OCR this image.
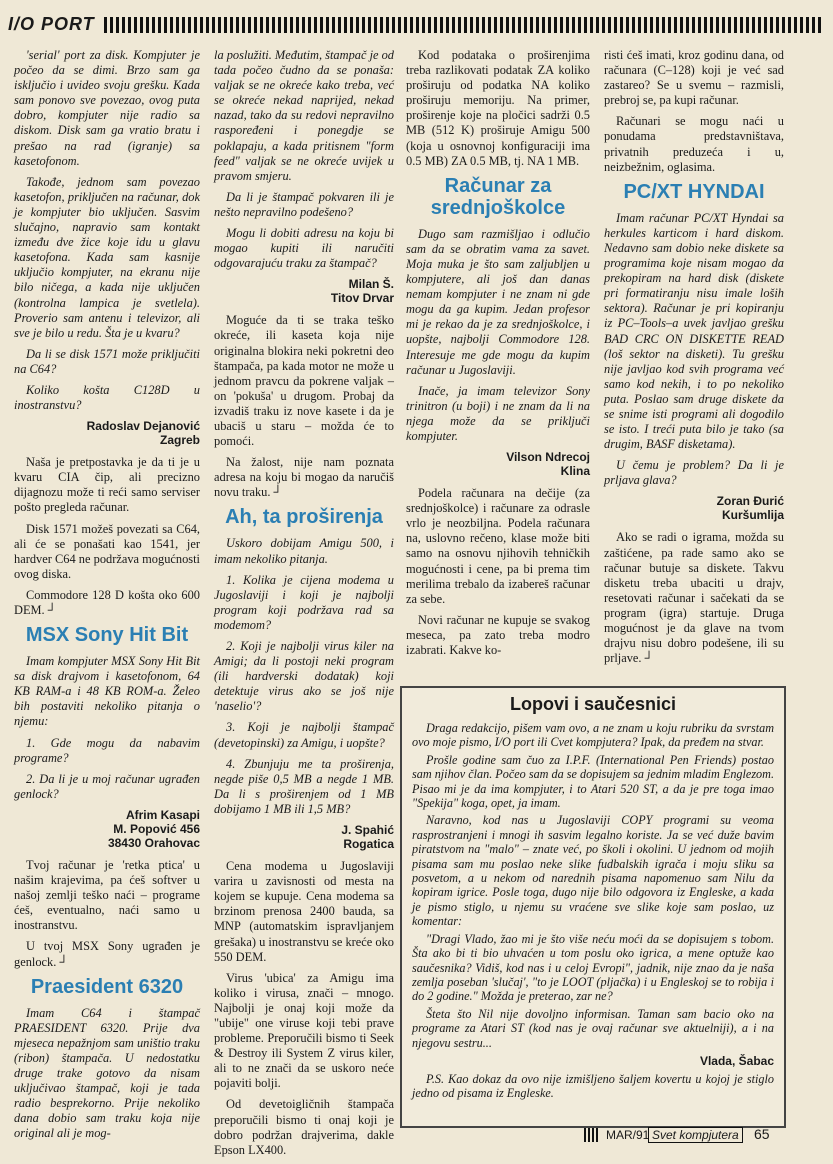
I/O PORT

'serial' port za disk. Kompjuter je počeo da se dimi. Brzo sam ga isključio i uvideo svoju grešku. Kada sam ponovo sve povezao, ovog puta dobro, kompjuter nije radio sa diskom. Disk sam ga vratio bratu i prešao na rad (igranje) sa kasetofonom.

Takođe, jednom sam povezao kasetofon, priključen na računar, dok je kompjuter bio uključen. Sasvim slučajno, napravio sam kontakt između dve žice koje idu u glavu kasetofona. Kada sam kasnije uključio kompjuter, na ekranu nije bilo ničega, a kada nije uključen (kontrolna lampica je svetlela). Proverio sam antenu i televizor, ali sve je bilo u redu. Šta je u kvaru?

Da li se disk 1571 može priključiti na C64?

Koliko košta C128D u inostranstvu?

Radoslav Dejanović
Zagreb

Naša je pretpostavka je da ti je u kvaru CIA čip, ali precizno dijagnozu može ti reći samo serviser pošto pregleda računar.

Disk 1571 možeš povezati sa C64, ali će se ponašati kao 1541, jer hardver C64 ne podržava mogućnosti ovog diska.

Commodore 128 D košta oko 600 DEM. ┘

MSX Sony Hit Bit

Imam kompjuter MSX Sony Hit Bit sa disk drajvom i kasetofonom, 64 KB RAM-a i 48 KB ROM-a. Želeo bih postaviti nekoliko pitanja o njemu:

1. Gde mogu da nabavim programe?

2. Da li je u moj računar ugrađen genlock?

Afrim Kasapi
M. Popović 456
38430 Orahovac

Tvoj računar je 'retka ptica' u našim krajevima, pa ćeš softver u našoj zemlji teško naći – programe ćeš, eventualno, naći samo u inostranstvu.

U tvoj MSX Sony ugrađen je genlock. ┘

Praesident 6320

Imam C64 i štampač PRAESIDENT 6320. Prije dva mjeseca nepažnjom sam uništio traku (ribon) štampača. U nedostatku druge trake gotovo da nisam uključivao štampač, koji je tada radio besprekorno. Prije nekoliko dana dobio sam traku koja nije original ali je mog-

la poslužiti. Međutim, štampač je od tada počeo čudno da se ponaša: valjak se ne okreće kako treba, već se okreće nekad naprijed, nekad nazad, tako da su redovi nepravilno raspoređeni i ponegdje se poklapaju, a kada pritisnem "form feed" valjak se ne okreće uvijek u pravom smjeru.

Da li je štampač pokvaren ili je nešto nepravilno podešeno?

Mogu li dobiti adresu na koju bi mogao kupiti ili naručiti odgovarajuću traku za štampač?

Milan Š.
Titov Drvar

Moguće da ti se traka teško okreće, ili kaseta koja nije originalna blokira neki pokretni deo štampača, pa kada motor ne može u jednom pravcu da pokrene valjak – on 'pokuša' u drugom. Probaj da izvadiš traku iz nove kasete i da je ubaciš u staru – možda će to pomoći.

Na žalost, nije nam poznata adresa na koju bi mogao da naručiš novu traku. ┘

Ah, ta proširenja

Uskoro dobijam Amigu 500, i imam nekoliko pitanja.

1. Kolika je cijena modema u Jugoslaviji i koji je najbolji program koji podržava rad sa modemom?

2. Koji je najbolji virus kiler na Amigi; da li postoji neki program (ili hardverski dodatak) koji detektuje virus ako se još nije 'naselio'?

3. Koji je najbolji štampač (devetopinski) za Amigu, i uopšte?

4. Zbunjuju me ta proširenja, negde piše 0,5 MB a negde 1 MB. Da li s proširenjem od 1 MB dobijamo 1 MB ili 1,5 MB?

J. Spahić
Rogatica

Cena modema u Jugoslaviji varira u zavisnosti od mesta na kojem se kupuje. Cena modema sa brzinom prenosa 2400 bauda, sa MNP (automatskim ispravljanjem grešaka) u inostranstvu se kreće oko 550 DEM.

Virus 'ubica' za Amigu ima koliko i virusa, znači – mnogo. Najbolji je onaj koji može da "ubije" one viruse koji tebi prave probleme. Preporučili bismo ti Seek & Destroy ili System Z virus kiler, ali to ne znači da se uskoro neće pojaviti bolji.

Od devetoigličnih štampača preporučili bismo ti onaj koji je dobro podržan drajverima, dakle Epson LX400.

Kod podataka o proširenjima treba razlikovati podatak ZA koliko proširuju od podatka NA koliko proširuju memoriju. Na primer, proširenje koje na pločici sadrži 0.5 MB (512 K) proširuje Amigu 500 (koja u osnovnoj konfiguraciji ima 0.5 MB) ZA 0.5 MB, tj. NA 1 MB.

Računar za srednjoškolce

Dugo sam razmišljao i odlučio sam da se obratim vama za savet. Moja muka je što sam zaljubljen u kompjutere, ali još dan danas nemam kompjuter i ne znam ni gde mogu da ga kupim. Jedan profesor mi je rekao da je za srednjoškolce, i uopšte, najbolji Commodore 128. Interesuje me gde mogu da kupim računar u Jugoslaviji.

Inače, ja imam televizor Sony trinitron (u boji) i ne znam da li na njega može da se priključi kompjuter.

Vilson Ndrecoj
Klina

Podela računara na dečije (za srednjoškolce) i računare za odrasle vrlo je neozbiljna. Podela računara na, uslovno rečeno, klase može biti samo na osnovu njihovih tehničkih mogućnosti i cene, pa bi prema tim merilima trebalo da izabereš računar za sebe.

Novi računar ne kupuje se svakog meseca, pa zato treba modro izabrati. Kakve ko-

risti ćeš imati, kroz godinu dana, od računara (C–128) koji je već sad zastareo? Se u svemu – razmisli, prebroj se, pa kupi računar.

Računari se mogu naći u ponudama predstavništava, privatnih preduzeća i u, neizbežnim, oglasima.

PC/XT HYNDAI

Imam računar PC/XT Hyndai sa herkules karticom i hard diskom. Nedavno sam dobio neke diskete sa programima koje nisam mogao da prekopiram na hard disk (diskete pri formatiranju nisu imale loših sektora). Računar je pri kopiranju iz PC–Tools–a uvek javljao grešku BAD CRC ON DISKETTE READ (loš sektor na disketi). Tu grešku nije javljao kod svih programa već samo kod nekih, i to po nekoliko puta. Poslao sam druge diskete da se snime isti programi ali dogodilo se isto. I treći puta bilo je tako (sa drugim, BASF disketama).

U čemu je problem? Da li je prljava glava?

Zoran Đurić
Kuršumlija

Ako se radi o igrama, možda su zaštićene, pa rade samo ako se računar butuje sa diskete. Takvu disketu treba ubaciti u drajv, resetovati računar i sačekati da se program (igra) startuje. Druga mogućnost je da glave na tvom drajvu nisu dobro podešene, ili su prljave. ┘

Lopovi i saučesnici

Draga redakcijo, pišem vam ovo, a ne znam u koju rubriku da svrstam ovo moje pismo, I/O port ili Cvet kompjutera? Ipak, da pređem na stvar.

Prošle godine sam čuo za I.P.F. (International Pen Friends) postao sam njihov član. Počeo sam da se dopisujem sa jednim mladim Englezom. Pisao mi je da ima kompjuter, i to Atari 520 ST, a da je pre toga imao "Spekija" koga, opet, ja imam.

Naravno, kod nas u Jugoslaviji COPY programi su veoma rasprostranjeni i mnogi ih sasvim legalno koriste. Ja se već duže bavim piratstvom na "malo" – znate već, po školi i okolini. U jednom od mojih pisama sam mu poslao neke slike fudbalskih igrača i moju sliku sa posvetom, a u nekom od narednih pisama napomenuo sam Nilu da kopiram igrice. Posle toga, dugo nije bilo odgovora iz Engleske, a kada je pismo stiglo, u njemu su vraćene sve slike koje sam poslao, uz komentar:

"Dragi Vlado, žao mi je što više neću moći da se dopisujem s tobom. Šta ako bi ti bio uhvaćen u tom poslu oko igrica, a mene optuže kao saučesnika? Vidiš, kod nas i u celoj Evropi", jadnik, nije znao da je naša zemlja poseban 'slučaj', "to je LOOT (pljačka) i u Engleskoj se to robija i do 2 godine." Možda je preterao, zar ne?

Šteta što Nil nije dovoljno informisan. Taman sam bacio oko na programe za Atari ST (kod nas je ovaj računar sve aktuelniji), a i na njegovu sestru...

Vlada, Šabac

P.S. Kao dokaz da ovo nije izmišljeno šaljem kovertu u kojoj je stiglo jedno od pisama iz Engleske.

MAR/91 Svet kompjutera 65
